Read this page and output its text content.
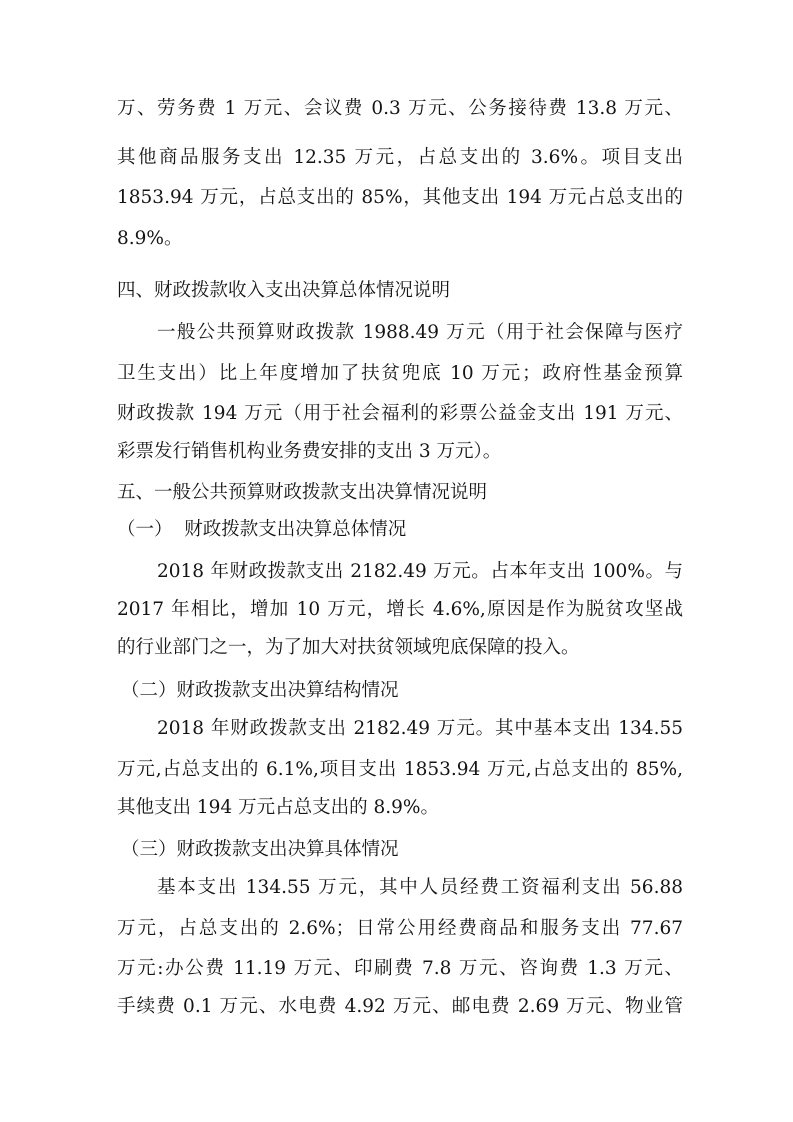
万、劳务费 1 万元、会议费 0.3 万元、公务接待费 13.8 万元、
其他商品服务支出 12.35 万元，占总支出的 3.6%。项目支出
1853.94 万元，占总支出的 85%，其他支出 194 万元占总支出的
8.9%。
四、财政拨款收入支出决算总体情况说明
一般公共预算财政拨款 1988.49 万元（用于社会保障与医疗
卫生支出）比上年度增加了扶贫兜底 10 万元；政府性基金预算
财政拨款 194 万元（用于社会福利的彩票公益金支出 191 万元、
彩票发行销售机构业务费安排的支出 3 万元）。
五、一般公共预算财政拨款支出决算情况说明
（一）  财政拨款支出决算总体情况
2018 年财政拨款支出 2182.49 万元。占本年支出 100%。与
2017 年相比，增加 10 万元，增长 4.6%,原因是作为脱贫攻坚战
的行业部门之一，为了加大对扶贫领域兜底保障的投入。
（二）财政拨款支出决算结构情况
2018 年财政拨款支出 2182.49 万元。其中基本支出 134.55
万元,占总支出的 6.1%,项目支出 1853.94 万元,占总支出的 85%,
其他支出 194 万元占总支出的 8.9%。
（三）财政拨款支出决算具体情况
基本支出 134.55 万元，其中人员经费工资福利支出 56.88
万元，占总支出的 2.6%；日常公用经费商品和服务支出 77.67
万元:办公费 11.19 万元、印刷费 7.8 万元、咨询费 1.3 万元、
手续费 0.1 万元、水电费 4.92 万元、邮电费 2.69 万元、物业管
